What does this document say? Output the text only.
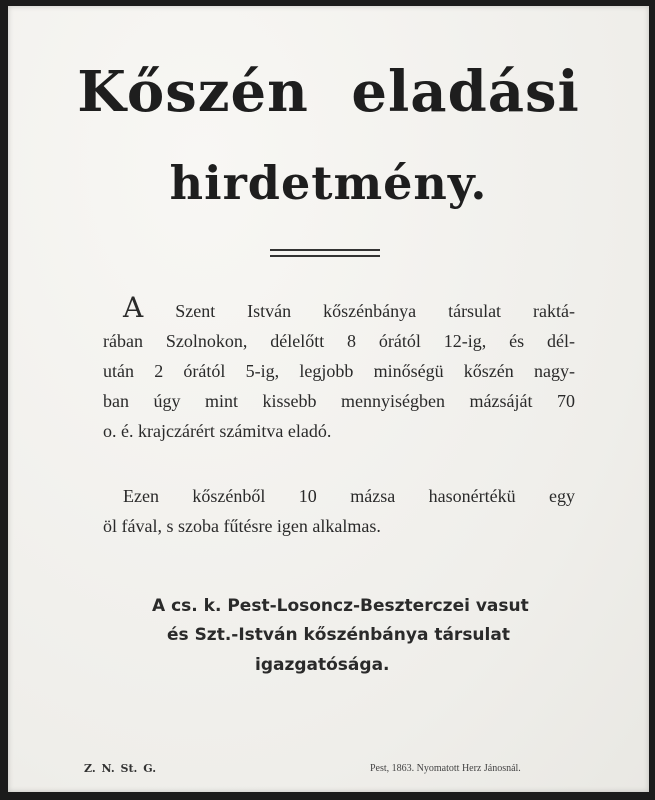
Kőszén eladási
hirdetmény.
A Szent István kőszénbánya társulat raktá-
rában Szolnokon, délelőtt 8 órától 12-ig, és dél-
után 2 órától 5-ig, legjobb minőségü kőszén nagy-
ban úgy mint kissebb mennyiségben mázsáját 70
o. é. krajczárért számitva eladó.
Ezen kőszénből 10 mázsa hasonértékü egy
öl fával, s szoba fűtésre igen alkalmas.
A cs. k. Pest-Losoncz-Besztercz​ei vasut
és Szt.-István kőszénbánya társulat
igazgatósága.
Z. N. St. G.	Pest, 1863. Nyomatott Herz Jánosnál.
